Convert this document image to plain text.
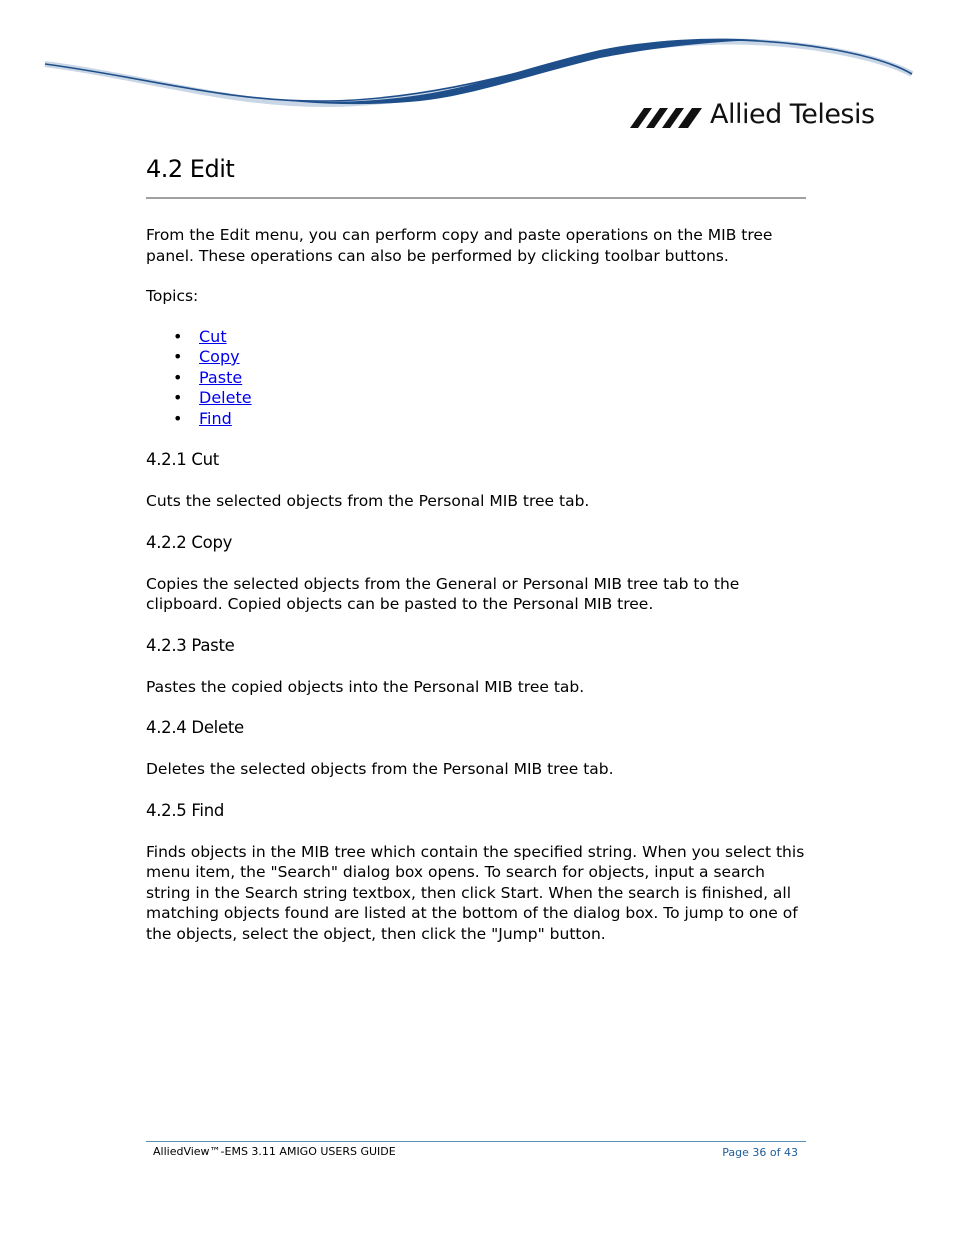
Allied Telesis
4.2 Edit

From the Edit menu, you can perform copy and paste operations on the MIB tree panel. These operations can also be performed by clicking toolbar buttons.

Topics:

• Cut
• Copy
• Paste
• Delete
• Find
4.2.1 Cut

Cuts the selected objects from the Personal MIB tree tab.

4.2.2 Copy

Copies the selected objects from the General or Personal MIB tree tab to the clipboard. Copied objects can be pasted to the Personal MIB tree.

4.2.3 Paste

Pastes the copied objects into the Personal MIB tree tab.

4.2.4 Delete

Deletes the selected objects from the Personal MIB tree tab.

4.2.5 Find

Finds objects in the MIB tree which contain the specified string. When you select this menu item, the "Search" dialog box opens. To search for objects, input a search string in the Search string textbox, then click Start. When the search is finished, all matching objects found are listed at the bottom of the dialog box. To jump to one of the objects, select the object, then click the "Jump" button.

AlliedView™-EMS 3.11 AMIGO USERS GUIDE	Page 36 of 43
